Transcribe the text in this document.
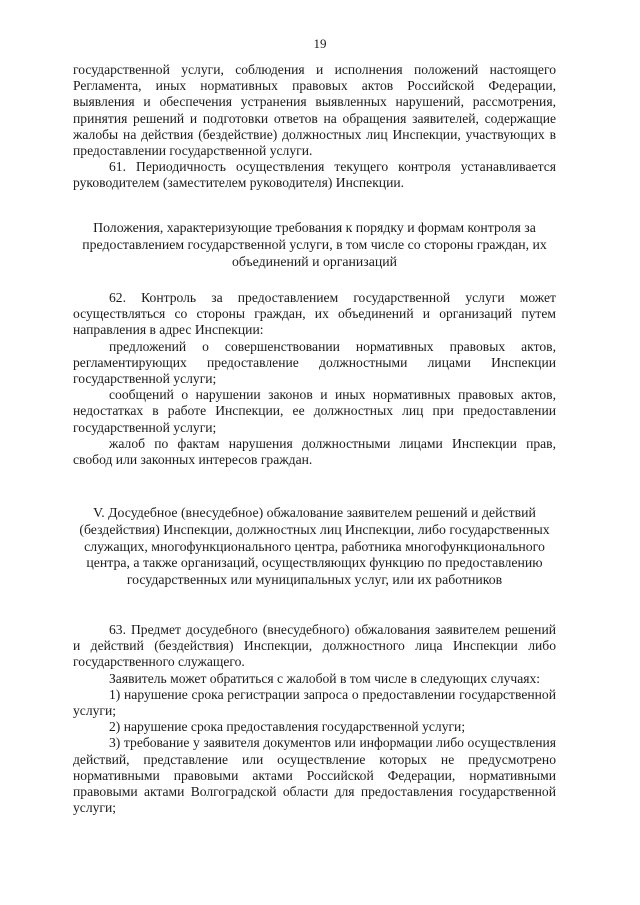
19

государственной услуги, соблюдения и исполнения положений настоящего Регламента, иных нормативных правовых актов Российской Федерации, выявления и обеспечения устранения выявленных нарушений, рассмотрения, принятия решений и подготовки ответов на обращения заявителей, содержащие жалобы на действия (бездействие) должностных лиц Инспекции, участвующих в предоставлении государственной услуги.

61. Периодичность осуществления текущего контроля устанавливается руководителем (заместителем руководителя) Инспекции.

Положения, характеризующие требования к порядку и формам контроля за предоставлением государственной услуги, в том числе со стороны граждан, их объединений и организаций

62. Контроль за предоставлением государственной услуги может осуществляться со стороны граждан, их объединений и организаций путем направления в адрес Инспекции:

предложений о совершенствовании нормативных правовых актов, регламентирующих предоставление должностными лицами Инспекции государственной услуги;

сообщений о нарушении законов и иных нормативных правовых актов, недостатках в работе Инспекции, ее должностных лиц при предоставлении государственной услуги;

жалоб по фактам нарушения должностными лицами Инспекции прав, свобод или законных интересов граждан.

V. Досудебное (внесудебное) обжалование заявителем решений и действий (бездействия) Инспекции, должностных лиц Инспекции, либо государственных служащих, многофункционального центра, работника многофункционального центра, а также организаций, осуществляющих функцию по предоставлению государственных или муниципальных услуг, или их работников

63. Предмет досудебного (внесудебного) обжалования заявителем решений и действий (бездействия) Инспекции, должностного лица Инспекции либо государственного служащего.

Заявитель может обратиться с жалобой в том числе в следующих случаях:

1) нарушение срока регистрации запроса о предоставлении государственной услуги;

2) нарушение срока предоставления государственной услуги;

3) требование у заявителя документов или информации либо осуществления действий, представление или осуществление которых не предусмотрено нормативными правовыми актами Российской Федерации, нормативными правовыми актами Волгоградской области для предоставления государственной услуги;
